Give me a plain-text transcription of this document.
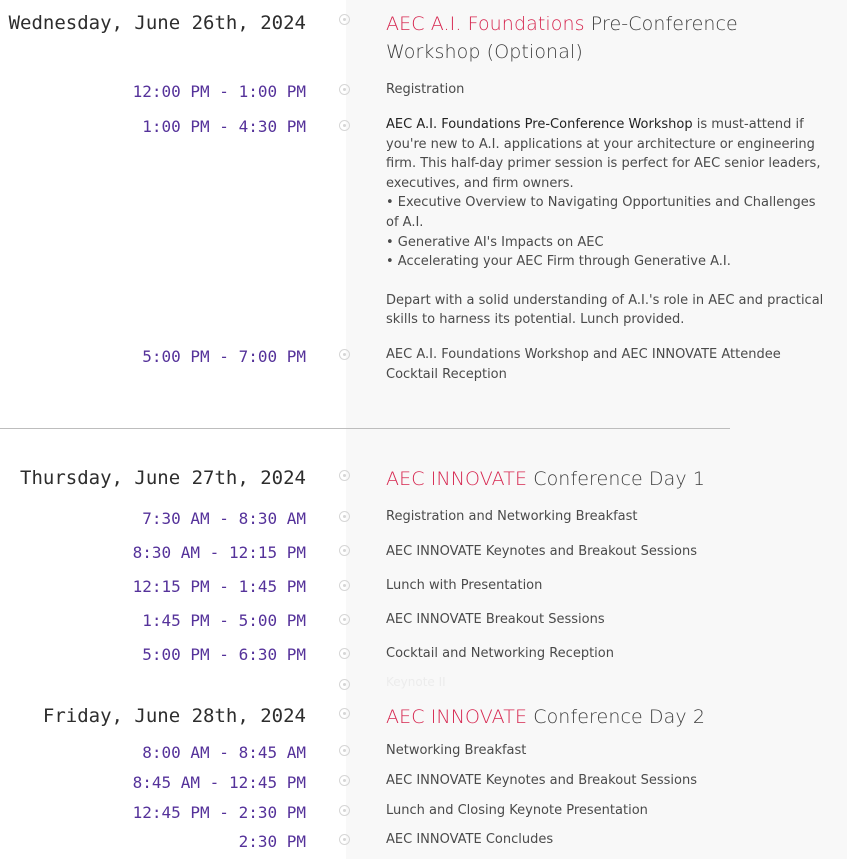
Wednesday, June 26th, 2024	AEC A.I. Foundations Pre-Conference Workshop (Optional)
12:00 PM - 1:00 PM	Registration
1:00 PM - 4:30 PM	AEC A.I. Foundations Pre-Conference Workshop is must-attend if you're new to A.I. applications at your architecture or engineering firm. This half-day primer session is perfect for AEC senior leaders, executives, and firm owners.

• Executive Overview to Navigating Opportunities and Challenges of A.I.

• Generative AI's Impacts on AEC

• Accelerating your AEC Firm through Generative A.I.

Depart with a solid understanding of A.I.'s role in AEC and practical skills to harness its potential. Lunch provided.

5:00 PM - 7:00 PM	AEC A.I. Foundations Workshop and AEC INNOVATE Attendee Cocktail Reception
Thursday, June 27th, 2024	AEC INNOVATE Conference Day 1
7:30 AM - 8:30 AM	Registration and Networking Breakfast
8:30 AM - 12:15 PM	AEC INNOVATE Keynotes and Breakout Sessions
12:15 PM - 1:45 PM	Lunch with Presentation
1:45 PM - 5:00 PM	AEC INNOVATE Breakout Sessions
5:00 PM - 6:30 PM	Cocktail and Networking Reception
Keynote II
Friday, June 28th, 2024	AEC INNOVATE Conference Day 2
8:00 AM - 8:45 AM	Networking Breakfast
8:45 AM - 12:45 PM	AEC INNOVATE Keynotes and Breakout Sessions
12:45 PM - 2:30 PM	Lunch and Closing Keynote Presentation
2:30 PM	AEC INNOVATE Concludes
